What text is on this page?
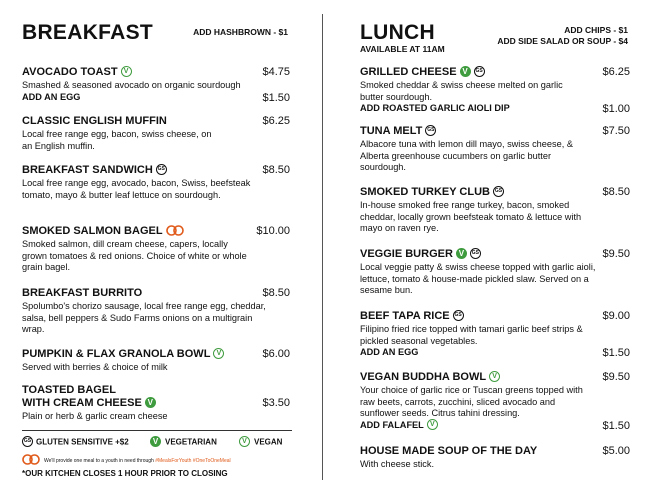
BREAKFAST	ADD HASHBROWN - $1
AVOCADO TOAST V	$4.75
Smashed & seasoned avocado on organic sourdough
ADD AN EGG	$1.50
CLASSIC ENGLISH MUFFIN	$6.25
Local free range egg, bacon, swiss cheese, on an English muffin.
BREAKFAST SANDWICH GS	$8.50
Local free range egg, avocado, bacon, Swiss, beefsteak tomato, mayo & butter leaf lettuce on sourdough.
SMOKED SALMON BAGEL	$10.00
Smoked salmon, dill cream cheese, capers, locally grown tomatoes & red onions. Choice of white or whole grain bagel.
BREAKFAST BURRITO	$8.50
Spolumbo's chorizo sausage, local free range egg, cheddar, salsa, bell peppers & Sudo Farms onions on a multigrain wrap.
PUMPKIN & FLAX GRANOLA BOWL V	$6.00
Served with berries & choice of milk
TOASTED BAGEL
WITH CREAM CHEESE V	$3.50
Plain or herb & garlic cream cheese
GS GLUTEN SENSITIVE +$2	V VEGETARIAN	V VEGAN
We'll provide one meal to a youth in need through #MealsForYouth #OneToOneMeal
*OUR KITCHEN CLOSES 1 HOUR PRIOR TO CLOSING
LUNCH
AVAILABLE AT 11AM
ADD CHIPS - $1
ADD SIDE SALAD OR SOUP - $4
GRILLED CHEESE V GS	$6.25
Smoked cheddar & swiss cheese melted on garlic butter sourdough.
ADD ROASTED GARLIC AIOLI DIP	$1.00
TUNA MELT GS	$7.50
Albacore tuna with lemon dill mayo, swiss cheese, & Alberta greenhouse cucumbers on garlic butter sourdough.
SMOKED TURKEY CLUB GS	$8.50
In-house smoked free range turkey, bacon, smoked cheddar, locally grown beefsteak tomato & lettuce with mayo on raven rye.
VEGGIE BURGER V GS	$9.50
Local veggie patty & swiss cheese topped with garlic aioli, lettuce, tomato & house-made pickled slaw. Served on a sesame bun.
BEEF TAPA RICE GS	$9.00
Filipino fried rice topped with tamari garlic beef strips & pickled seasonal vegetables.
ADD AN EGG	$1.50
VEGAN BUDDHA BOWL V	$9.50
Your choice of garlic rice or Tuscan greens topped with raw beets, carrots, zucchini, sliced avocado and sunflower seeds. Citrus tahini dressing.
ADD FALAFEL V	$1.50
HOUSE MADE SOUP OF THE DAY	$5.00
With cheese stick.
